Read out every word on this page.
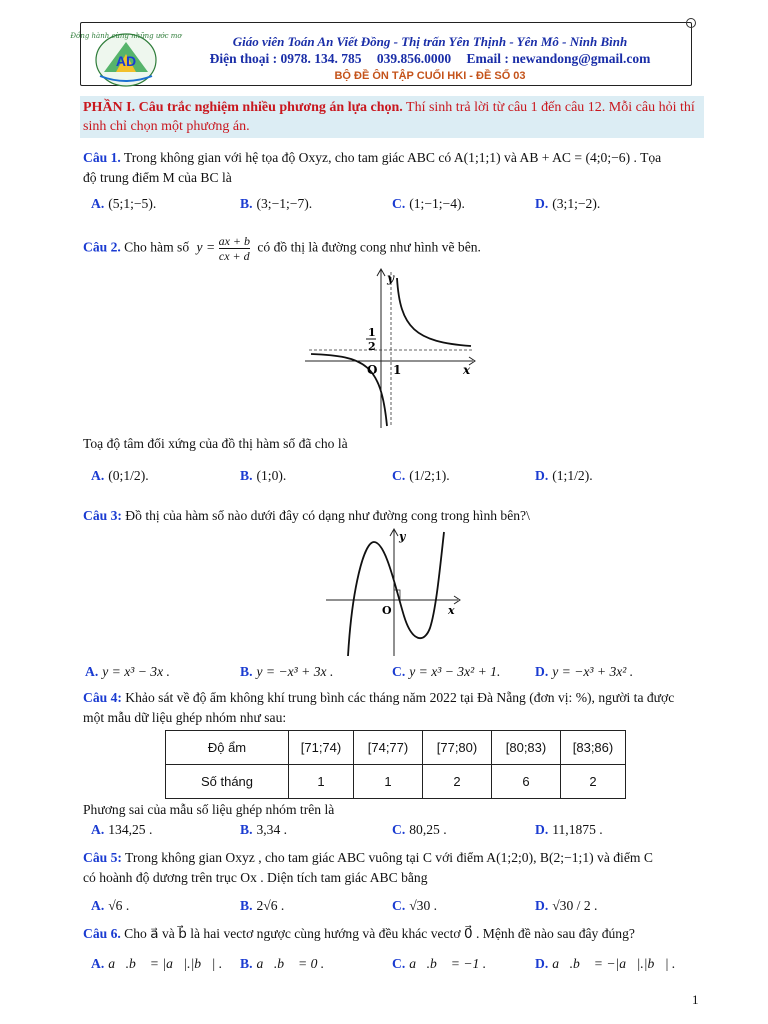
Đồng hành cùng những ước mơ
AD
Giáo viên Toán An Viết Đồng - Thị trấn Yên Thịnh - Yên Mô - Ninh Bình
Điện thoại : 0978. 134. 785 039.856.0000 Email : newandong@gmail.com
BỘ ĐỀ ÔN TẬP CUỐI HKI - ĐỀ SỐ 03
PHẦN I. Câu trắc nghiệm nhiều phương án lựa chọn. Thí sinh trả lời từ câu 1 đến câu 12. Mỗi câu hỏi thí sinh chỉ chọn một phương án.
Câu 1. Trong không gian với hệ tọa độ Oxyz, cho tam giác ABC có A(1;1;1) và AB + AC = (4;0;−6) . Tọa
độ trung điểm M của BC là
A. (5;1;−5).	B. (3;−1;−7).	C. (1;−1;−4).	D. (3;1;−2).
Câu 2. Cho hàm số $y = \frac{ax + b}{cx + d}$ có đồ thị là đường cong như hình vẽ bên.
y
x
O 1
1
2
Toạ độ tâm đối xứng của đồ thị hàm số đã cho là
A. (0;1/2).	B. (1;0).	C. (1/2;1).	D. (1;1/2).
Câu 3: Đồ thị của hàm số nào dưới đây có dạng như đường cong trong hình bên?\
y
x
O
A. y = x³ − 3x .	B. y = −x³ + 3x .	C. y = x³ − 3x² + 1.	D. y = −x³ + 3x² .
Câu 4: Khảo sát về độ ẩm không khí trung bình các tháng năm 2022 tại Đà Nẵng (đơn vị: %), người ta được
một mẫu dữ liệu ghép nhóm như sau:
Độ ẩm	[71;74)	[74;77)	[77;80)	[80;83)	[83;86)
Số tháng	1	1	2	6	2
Phương sai của mẫu số liệu ghép nhóm trên là
A. 134,25 .	B. 3,34 .	C. 80,25 .	D. 11,1875 .
Câu 5: Trong không gian Oxyz , cho tam giác ABC vuông tại C với điểm A(1;2;0), B(2;−1;1) và điểm C
có hoành độ dương trên trục Ox . Diện tích tam giác ABC bằng
A. √6 .	B. 2√6 .	C. √30 .	D. √30 / 2 .
Câu 6. Cho a⃗ và b⃗ là hai vectơ ngược cùng hướng và đều khác vectơ 0⃗ . Mệnh đề nào sau đây đúng?
A. a⃗.b⃗ = |a⃗|.|b⃗| . B. a⃗.b⃗ = 0 .	C. a⃗.b⃗ = −1 .	D. a⃗.b⃗ = −|a⃗|.|b⃗| .
1
